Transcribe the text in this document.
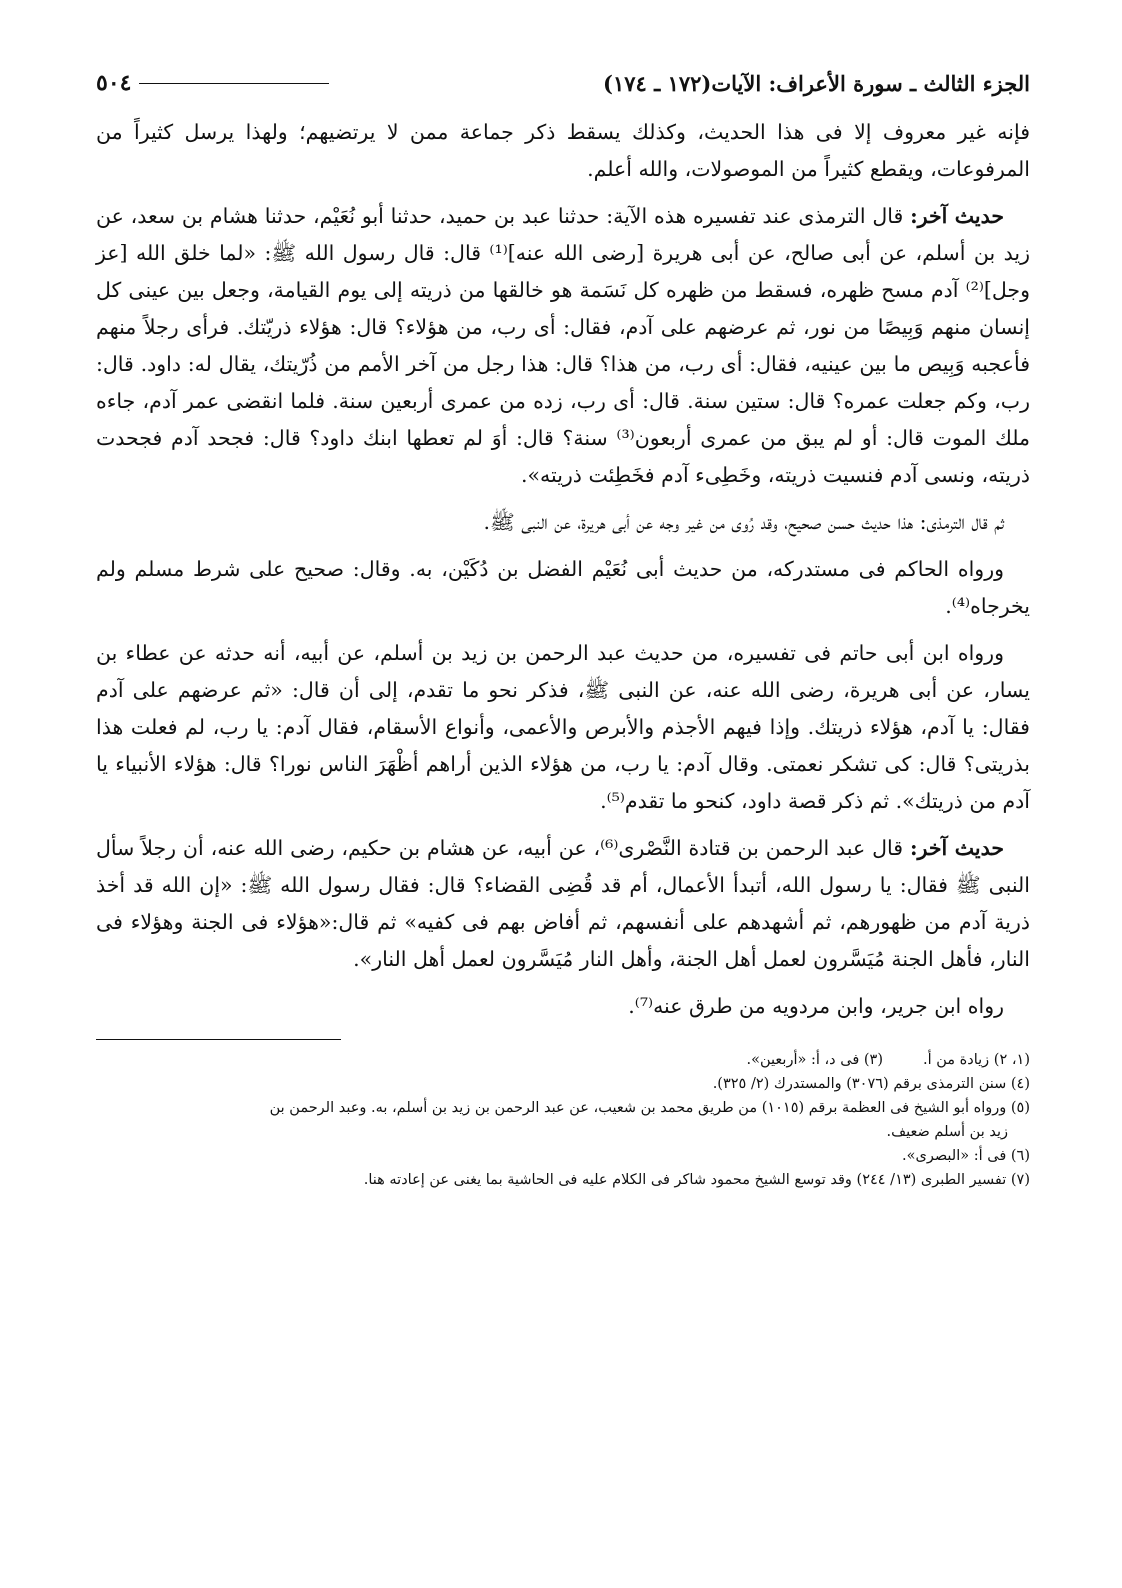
الجزء الثالث ـ سورة الأعراف: الآيات(١٧٢ ـ ١٧٤)
٥٠٤

فإنه غير معروف إلا فى هذا الحديث، وكذلك يسقط ذكر جماعة ممن لا يرتضيهم؛ ولهذا يرسل كثيراً من المرفوعات، ويقطع كثيراً من الموصولات، والله أعلم.

حديث آخر: قال الترمذى عند تفسيره هذه الآية: حدثنا عبد بن حميد، حدثنا أبو نُعَيْم، حدثنا هشام بن سعد، عن زيد بن أسلم، عن أبى صالح، عن أبى هريرة [رضى الله عنه]⁽¹⁾ قال: قال رسول الله ﷺ: «لما خلق الله [عز وجل]⁽²⁾ آدم مسح ظهره، فسقط من ظهره كل نَسَمة هو خالقها من ذريته إلى يوم القيامة، وجعل بين عينى كل إنسان منهم وَبِيصًا من نور، ثم عرضهم على آدم، فقال: أى رب، من هؤلاء؟ قال: هؤلاء ذريّتك. فرأى رجلاً منهم فأعجبه وَبِيص ما بين عينيه، فقال: أى رب، من هذا؟ قال: هذا رجل من آخر الأمم من ذُرّيتك، يقال له: داود. قال: رب، وكم جعلت عمره؟ قال: ستين سنة. قال: أى رب، زده من عمرى أربعين سنة. فلما انقضى عمر آدم، جاءه ملك الموت قال: أو لم يبق من عمرى أربعون⁽³⁾ سنة؟ قال: أوَ لم تعطها ابنك داود؟ قال: فجحد آدم فجحدت ذريته، ونسى آدم فنسيت ذريته، وخَطِىء آدم فخَطِئت ذريته».

ثم قال الترمذى: هذا حديث حسن صحيح، وقد رُوى من غير وجه عن أبى هريرة، عن النبى ﷺ.

ورواه الحاكم فى مستدركه، من حديث أبى نُعَيْم الفضل بن دُكَيْن، به. وقال: صحيح على شرط مسلم ولم يخرجاه⁽⁴⁾.

ورواه ابن أبى حاتم فى تفسيره، من حديث عبد الرحمن بن زيد بن أسلم، عن أبيه، أنه حدثه عن عطاء بن يسار، عن أبى هريرة، رضى الله عنه، عن النبى ﷺ، فذكر نحو ما تقدم، إلى أن قال: «ثم عرضهم على آدم فقال: يا آدم، هؤلاء ذريتك. وإذا فيهم الأجذم والأبرص والأعمى، وأنواع الأسقام، فقال آدم: يا رب، لم فعلت هذا بذريتى؟ قال: كى تشكر نعمتى. وقال آدم: يا رب، من هؤلاء الذين أراهم أظْهَرَ الناس نورا؟ قال: هؤلاء الأنبياء يا آدم من ذريتك». ثم ذكر قصة داود، كنحو ما تقدم⁽⁵⁾.

حديث آخر: قال عبد الرحمن بن قتادة النَّصْرى⁽⁶⁾، عن أبيه، عن هشام بن حكيم، رضى الله عنه، أن رجلاً سأل النبى ﷺ فقال: يا رسول الله، أتبدأ الأعمال، أم قد قُضِى القضاء؟ قال: فقال رسول الله ﷺ: «إن الله قد أخذ ذرية آدم من ظهورهم، ثم أشهدهم على أنفسهم، ثم أفاض بهم فى كفيه» ثم قال:«هؤلاء فى الجنة وهؤلاء فى النار، فأهل الجنة مُيَسَّرون لعمل أهل الجنة، وأهل النار مُيَسَّرون لعمل أهل النار».

رواه ابن جرير، وابن مردويه من طرق عنه⁽⁷⁾.

(١، ٢) زيادة من أ.
(٣) فى د، أ: «أربعين».
(٤) سنن الترمذى برقم (٣٠٧٦) والمستدرك (٢/ ٣٢٥).
(٥) ورواه أبو الشيخ فى العظمة برقم (١٠١٥) من طريق محمد بن شعيب، عن عبد الرحمن بن زيد بن أسلم، به. وعبد الرحمن بن
زيد بن أسلم ضعيف.
(٦) فى أ: «البصرى».
(٧) تفسير الطبرى (١٣/ ٢٤٤) وقد توسع الشيخ محمود شاكر فى الكلام عليه فى الحاشية بما يغنى عن إعادته هنا.
